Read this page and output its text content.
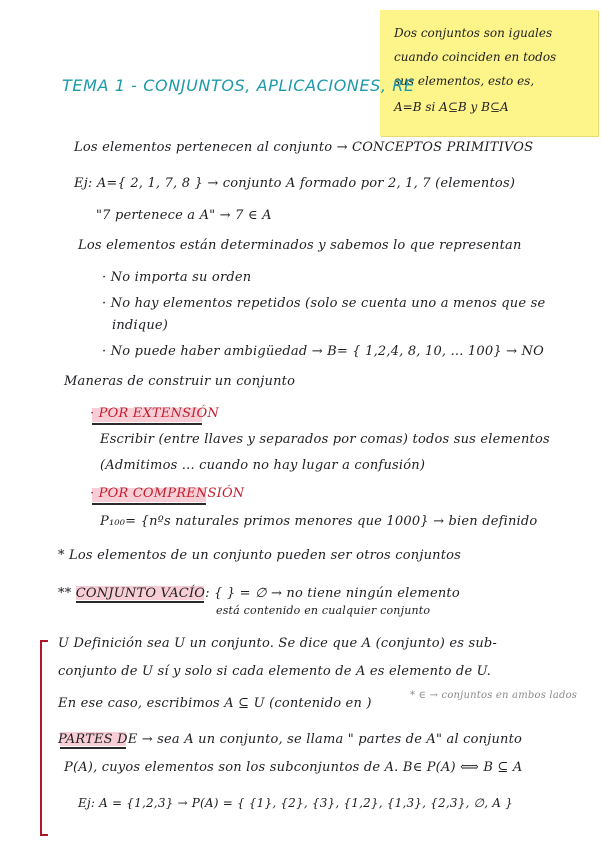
Dos conjuntos son iguales
cuando coinciden en todos
sus elementos, esto es,
A=B si A⊆B y B⊆A
TEMA 1 - CONJUNTOS, APLICACIONES, RE
Los elementos pertenecen al conjunto → CONCEPTOS PRIMITIVOS
Ej: A={ 2, 1, 7, 8 } → conjunto A formado por 2, 1, 7 (elementos)
"7 pertenece a A" → 7 ∈ A
Los elementos están determinados y sabemos lo que representan
· No importa su orden
· No hay elementos repetidos (solo se cuenta uno a menos que se
indique)
· No puede haber ambigüedad → B= { 1,2,4, 8, 10, ... 100} → NO
Maneras de construir un conjunto
· POR EXTENSIÓN
Escribir (entre llaves y separados por comas) todos sus elementos
(Admitimos ... cuando no hay lugar a confusión)
· POR COMPRENSIÓN
P₁₀₀= {nºs naturales primos menores que 1000} → bien definido
* Los elementos de un conjunto pueden ser otros conjuntos
** CONJUNTO VACÍO: { } = ∅ → no tiene ningún elemento
está contenido en cualquier conjunto
U Definición sea U un conjunto. Se dice que A (conjunto) es sub-
conjunto de U sí y solo si cada elemento de A es elemento de U.
En ese caso, escribimos A ⊆ U (contenido en )
* ∈ → conjuntos en ambos lados
PARTES DE → sea A un conjunto, se llama " partes de A" al conjunto
P(A), cuyos elementos son los subconjuntos de A. B∈ P(A) ⟺ B ⊆ A
Ej: A = {1,2,3} → P(A) = { {1}, {2}, {3}, {1,2}, {1,3}, {2,3}, ∅, A }
